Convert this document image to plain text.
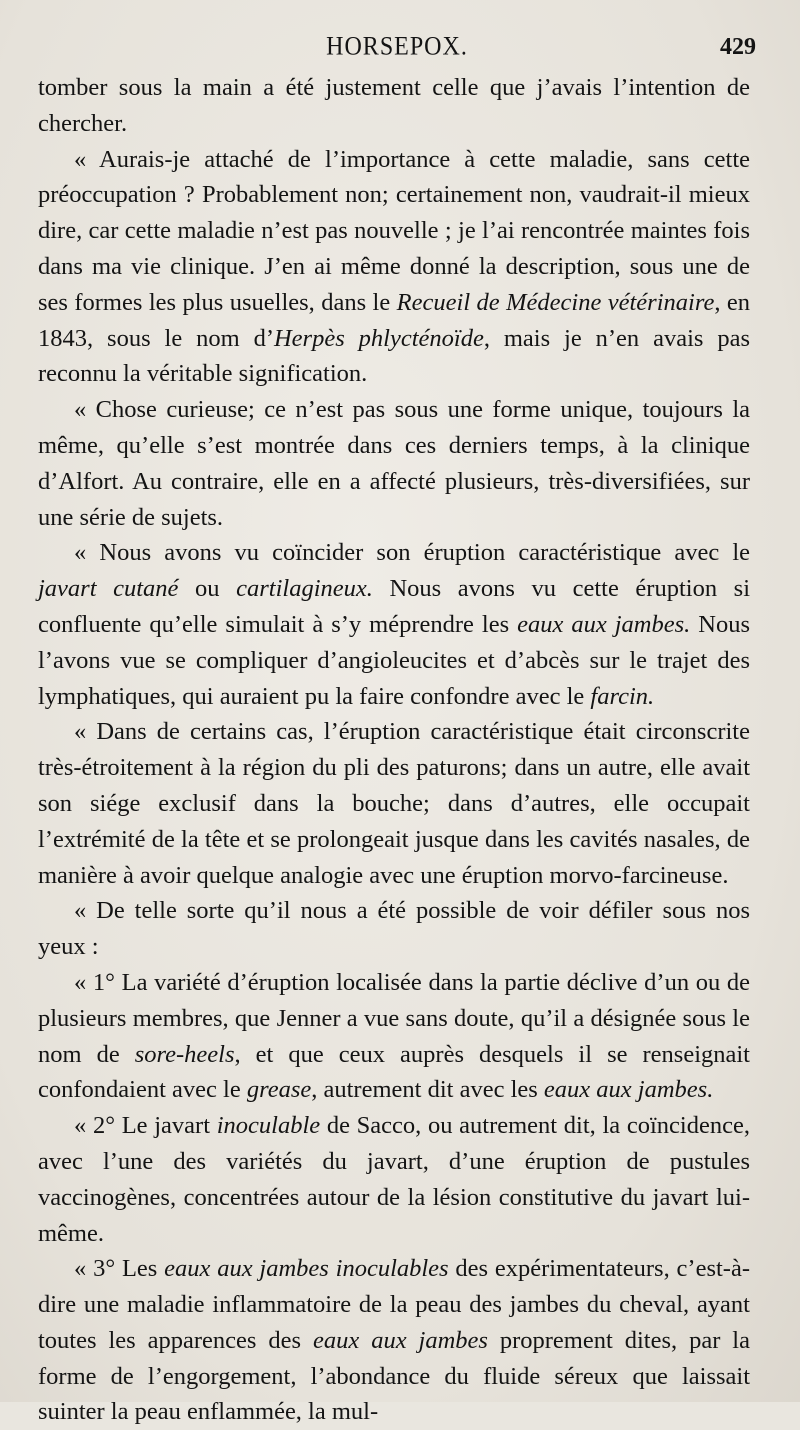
HORSEPOX.	429

tomber sous la main a été justement celle que j’avais l’intention de chercher.

« Aurais-je attaché de l’importance à cette maladie, sans cette préoccupation ? Probablement non; certainement non, vaudrait-il mieux dire, car cette maladie n’est pas nouvelle ; je l’ai rencontrée maintes fois dans ma vie clinique. J’en ai même donné la description, sous une de ses formes les plus usuelles, dans le Recueil de Médecine vétérinaire, en 1843, sous le nom d’Herpès phlycténoïde, mais je n’en avais pas reconnu la véritable signification.

« Chose curieuse; ce n’est pas sous une forme unique, toujours la même, qu’elle s’est montrée dans ces derniers temps, à la clinique d’Alfort. Au contraire, elle en a affecté plusieurs, très-diversifiées, sur une série de sujets.

« Nous avons vu coïncider son éruption caractéristique avec le javart cutané ou cartilagineux. Nous avons vu cette éruption si confluente qu’elle simulait à s’y méprendre les eaux aux jambes. Nous l’avons vue se compliquer d’angioleucites et d’abcès sur le trajet des lymphatiques, qui auraient pu la faire confondre avec le farcin.

« Dans de certains cas, l’éruption caractéristique était circonscrite très-étroitement à la région du pli des paturons; dans un autre, elle avait son siége exclusif dans la bouche; dans d’autres, elle occupait l’extrémité de la tête et se prolongeait jusque dans les cavités nasales, de manière à avoir quelque analogie avec une éruption morvo-farcineuse.

« De telle sorte qu’il nous a été possible de voir défiler sous nos yeux :

« 1° La variété d’éruption localisée dans la partie déclive d’un ou de plusieurs membres, que Jenner a vue sans doute, qu’il a désignée sous le nom de sore-heels, et que ceux auprès desquels il se renseignait confondaient avec le grease, autrement dit avec les eaux aux jambes.

« 2° Le javart inoculable de Sacco, ou autrement dit, la coïncidence, avec l’une des variétés du javart, d’une éruption de pustules vaccinogènes, concentrées autour de la lésion constitutive du javart lui-même.

« 3° Les eaux aux jambes inoculables des expérimentateurs, c’est-à-dire une maladie inflammatoire de la peau des jambes du cheval, ayant toutes les apparences des eaux aux jambes proprement dites, par la forme de l’engorgement, l’abondance du fluide séreux que laissait suinter la peau enflammée, la mul-
